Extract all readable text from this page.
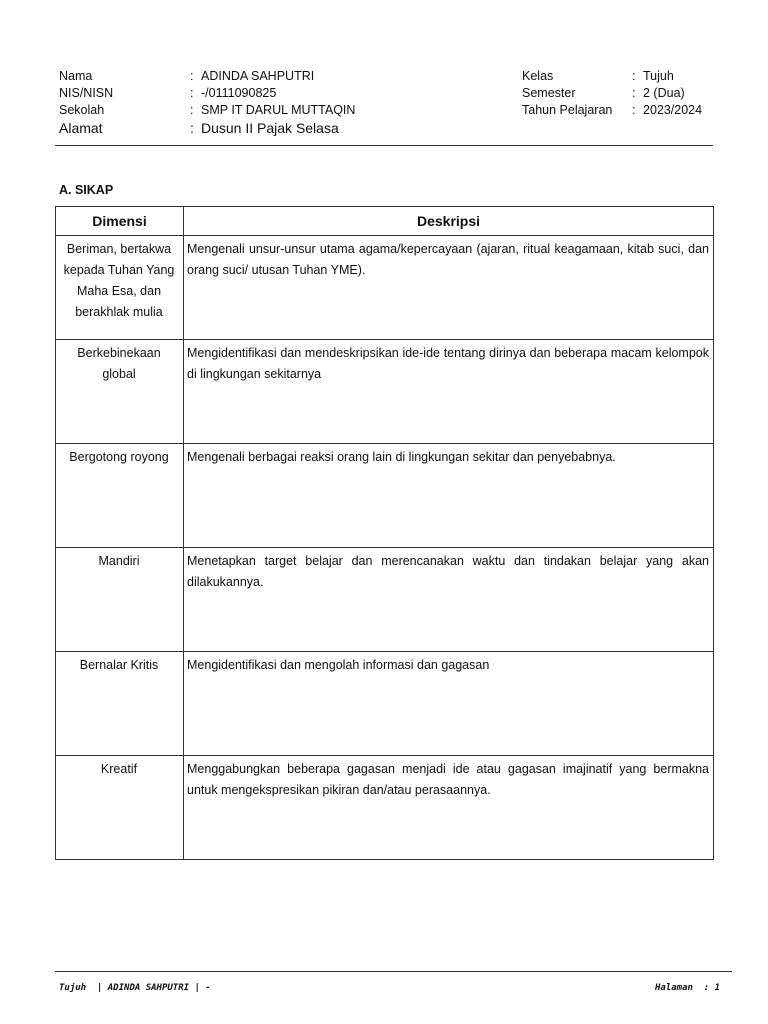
Nama	: ADINDA SAHPUTRI
NIS/NISN	: -/0111090825
Sekolah	: SMP IT DARUL MUTTAQIN
Alamat	: Dusun II Pajak Selasa
Kelas	: Tujuh
Semester	: 2 (Dua)
Tahun Pelajaran	: 2023/2024
A. SIKAP
Dimensi	Deskripsi
Beriman, bertakwa kepada Tuhan Yang Maha Esa, dan berakhlak mulia	Mengenali unsur-unsur utama agama/kepercayaan (ajaran, ritual keagamaan, kitab suci, dan orang suci/ utusan Tuhan YME).
Berkebinekaan global	Mengidentifikasi dan mendeskripsikan ide-ide tentang dirinya dan beberapa macam kelompok di lingkungan sekitarnya
Bergotong royong	Mengenali berbagai reaksi orang lain di lingkungan sekitar dan penyebabnya.
Mandiri	Menetapkan target belajar dan merencanakan waktu dan tindakan belajar yang akan dilakukannya.
Bernalar Kritis	Mengidentifikasi dan mengolah informasi dan gagasan
Kreatif	Menggabungkan beberapa gagasan menjadi ide atau gagasan imajinatif yang bermakna untuk mengekspresikan pikiran dan/atau perasaannya.
Tujuh  | ADINDA SAHPUTRI | -	Halaman  : 1
